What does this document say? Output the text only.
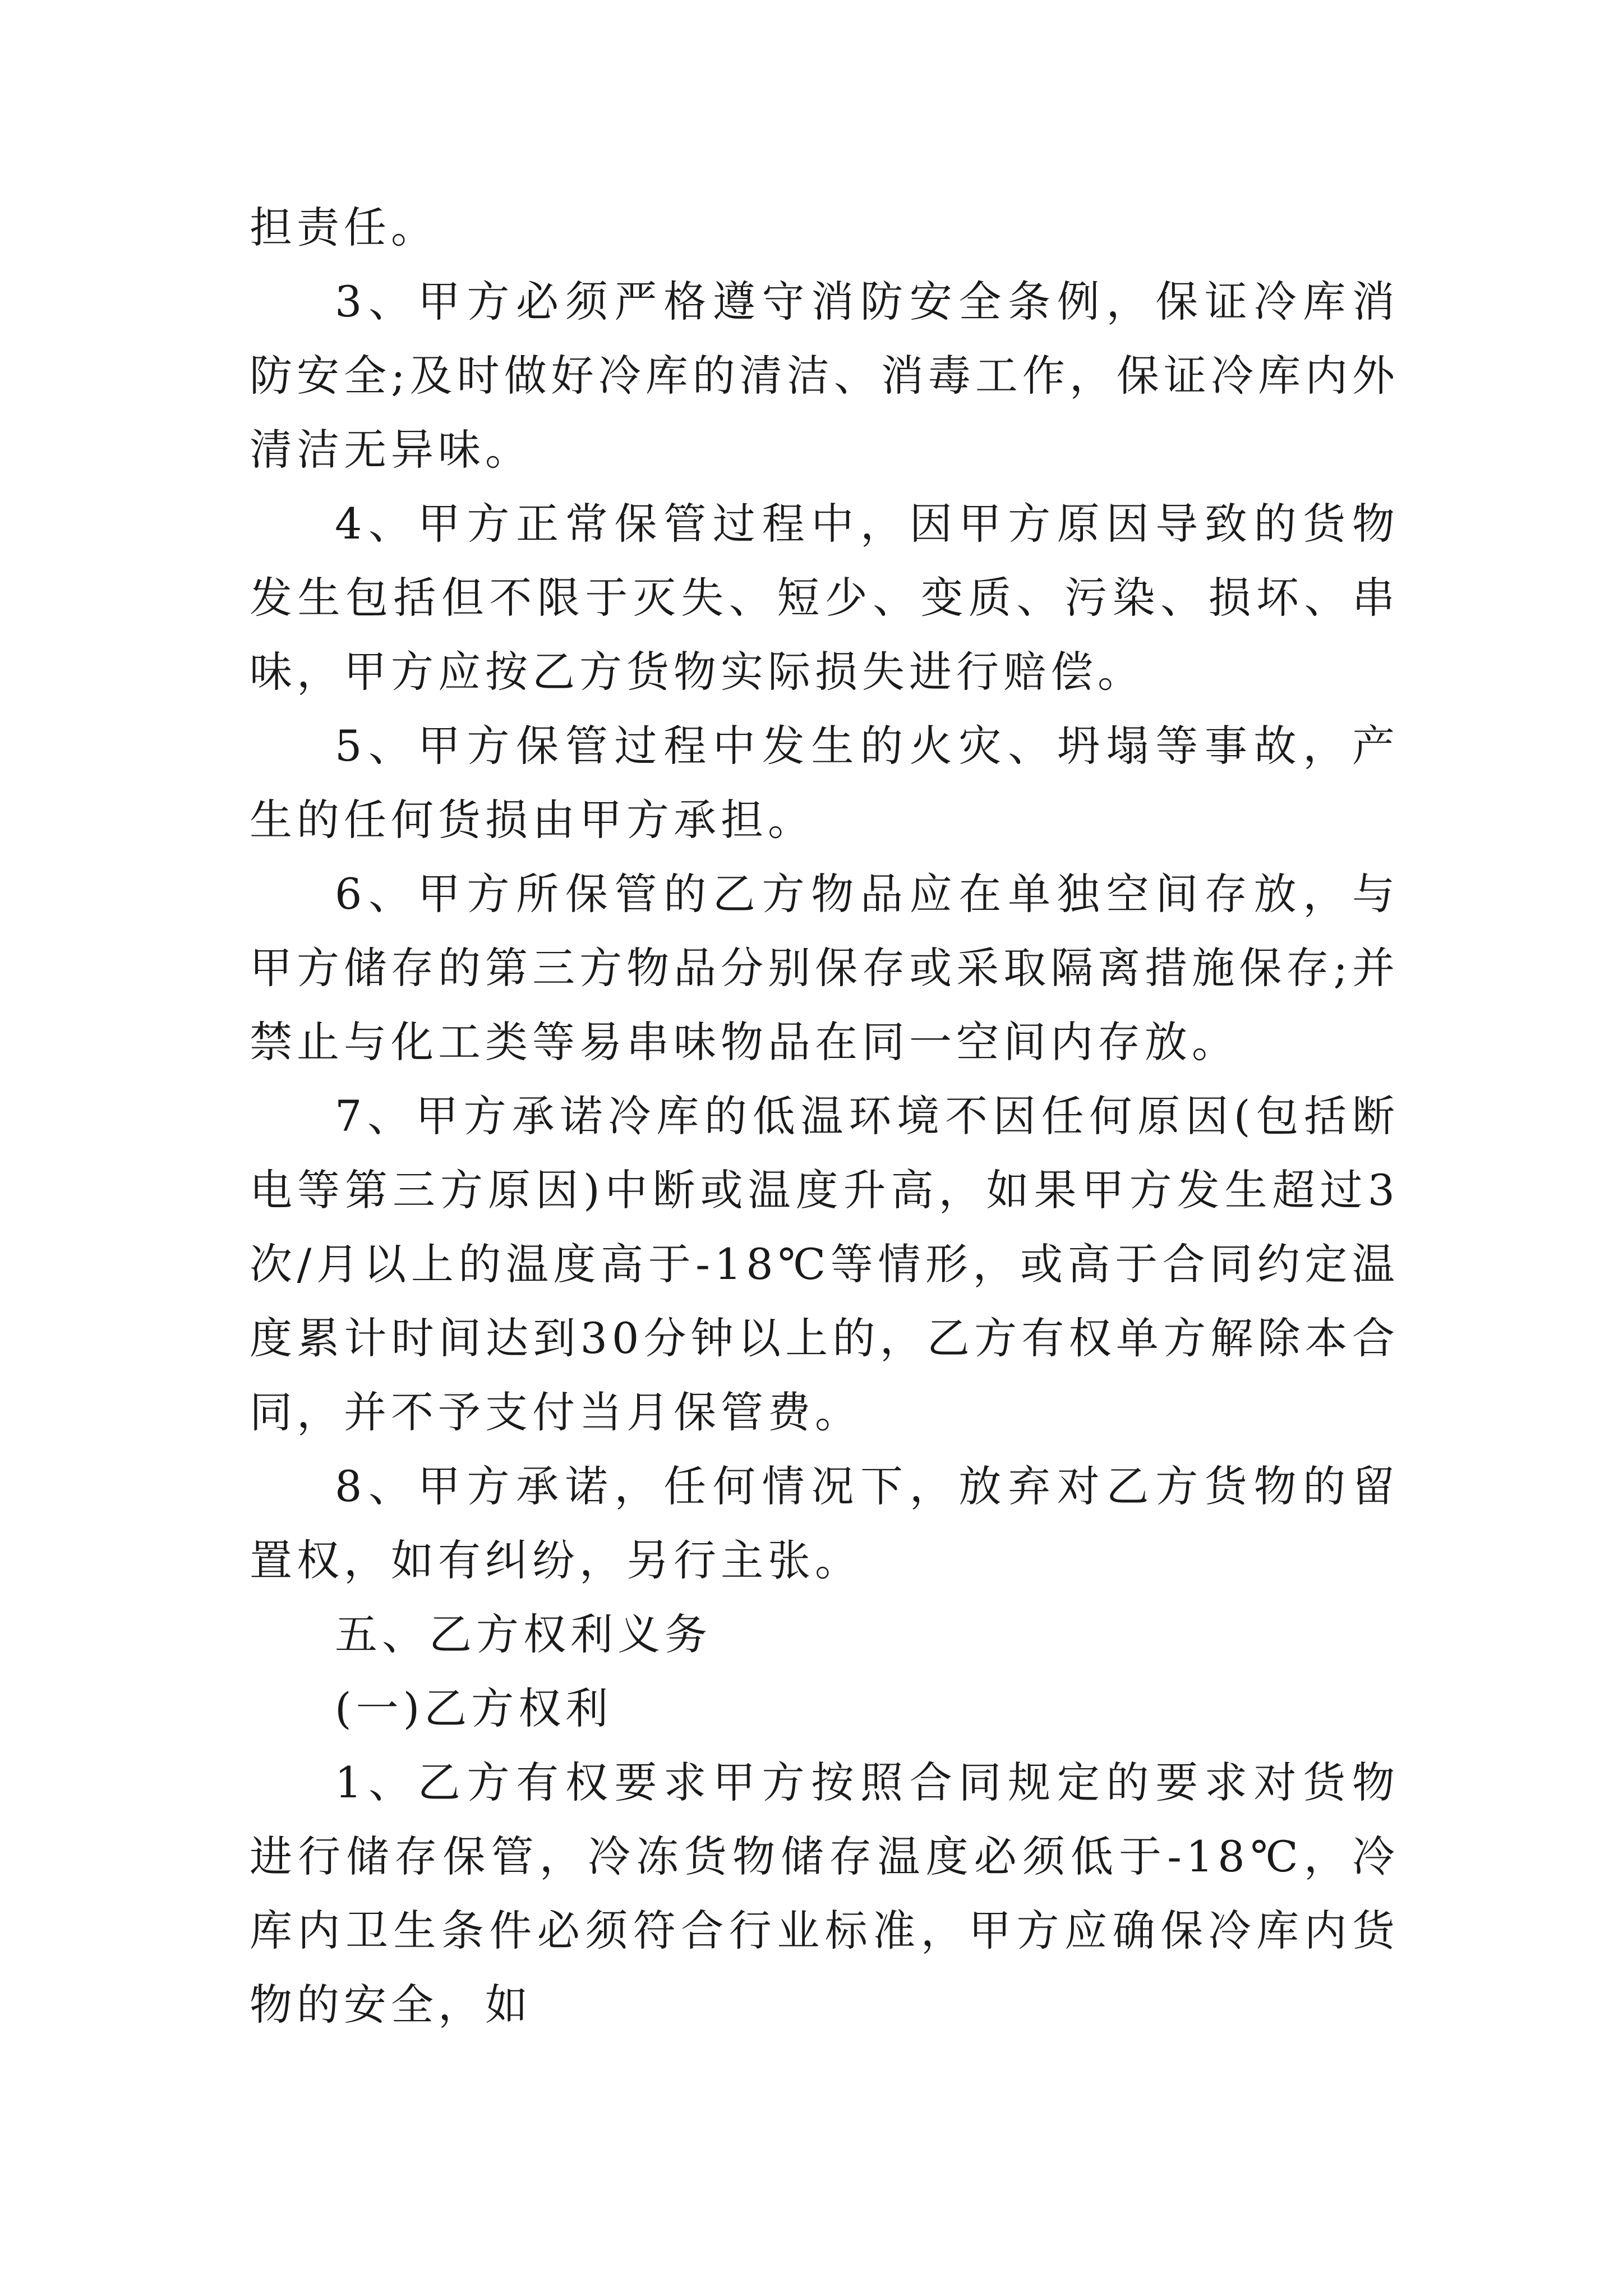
担责任。

3、甲方必须严格遵守消防安全条例，保证冷库消防安全;及时做好冷库的清洁、消毒工作，保证冷库内外清洁无异味。

4、甲方正常保管过程中，因甲方原因导致的货物发生包括但不限于灭失、短少、变质、污染、损坏、串味，甲方应按乙方货物实际损失进行赔偿。

5、甲方保管过程中发生的火灾、坍塌等事故，产生的任何货损由甲方承担。

6、甲方所保管的乙方物品应在单独空间存放，与甲方储存的第三方物品分别保存或采取隔离措施保存;并禁止与化工类等易串味物品在同一空间内存放。

7、甲方承诺冷库的低温环境不因任何原因(包括断电等第三方原因)中断或温度升高，如果甲方发生超过3次/月以上的温度高于-18℃等情形，或高于合同约定温度累计时间达到30分钟以上的，乙方有权单方解除本合同，并不予支付当月保管费。

8、甲方承诺，任何情况下，放弃对乙方货物的留置权，如有纠纷，另行主张。

五、乙方权利义务

(一)乙方权利

1、乙方有权要求甲方按照合同规定的要求对货物进行储存保管，冷冻货物储存温度必须低于-18℃，冷库内卫生条件必须符合行业标准，甲方应确保冷库内货物的安全，如
